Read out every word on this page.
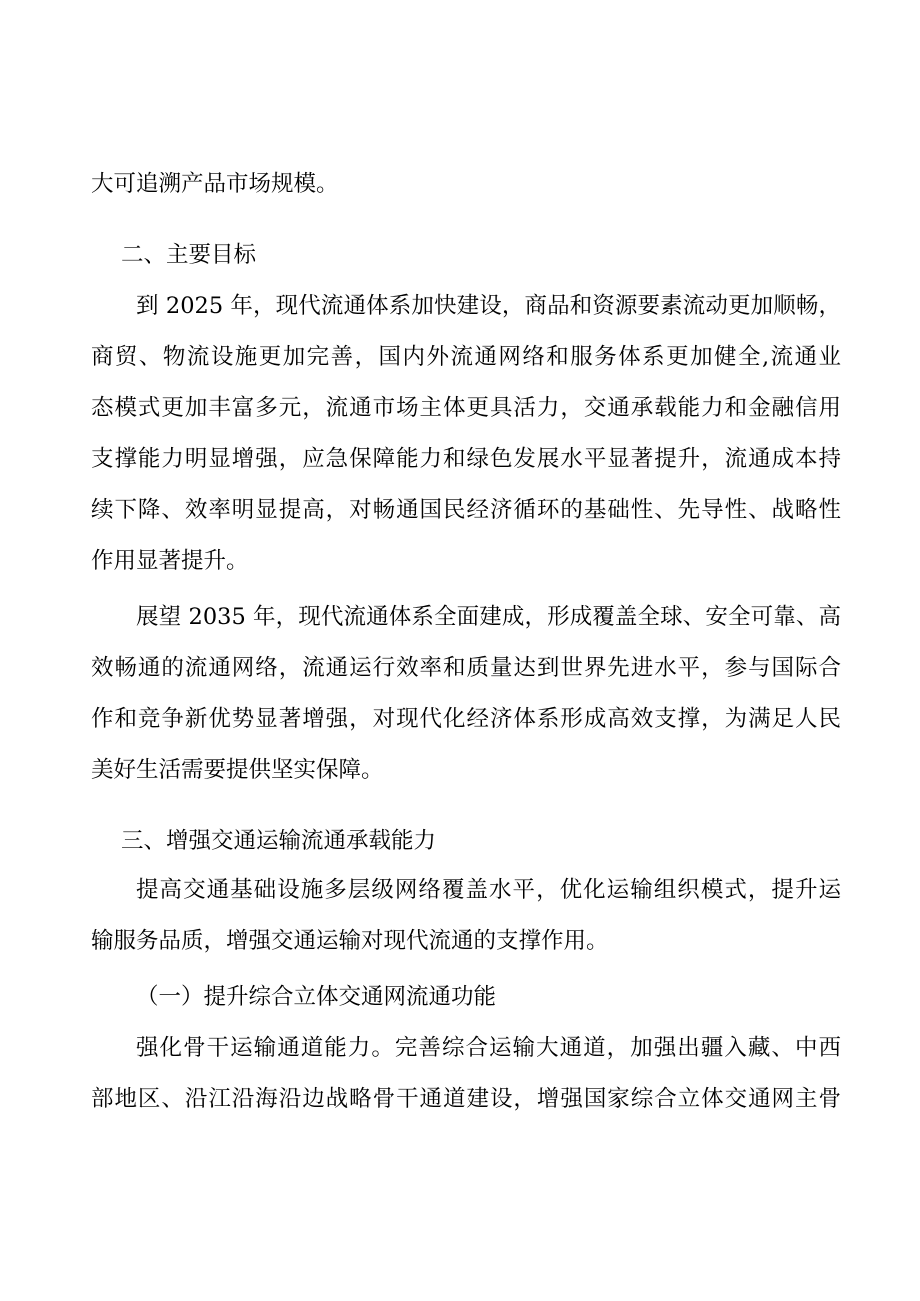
大可追溯产品市场规模。
二、主要目标
到 2025 年，现代流通体系加快建设，商品和资源要素流动更加顺畅，
商贸、物流设施更加完善，国内外流通网络和服务体系更加健全,流通业
态模式更加丰富多元，流通市场主体更具活力，交通承载能力和金融信用
支撑能力明显增强，应急保障能力和绿色发展水平显著提升，流通成本持
续下降、效率明显提高，对畅通国民经济循环的基础性、先导性、战略性
作用显著提升。
展望 2035 年，现代流通体系全面建成，形成覆盖全球、安全可靠、高
效畅通的流通网络，流通运行效率和质量达到世界先进水平，参与国际合
作和竞争新优势显著增强，对现代化经济体系形成高效支撑，为满足人民
美好生活需要提供坚实保障。
三、增强交通运输流通承载能力
提高交通基础设施多层级网络覆盖水平，优化运输组织模式，提升运
输服务品质，增强交通运输对现代流通的支撑作用。
（一）提升综合立体交通网流通功能
强化骨干运输通道能力。完善综合运输大通道，加强出疆入藏、中西
部地区、沿江沿海沿边战略骨干通道建设，增强国家综合立体交通网主骨
